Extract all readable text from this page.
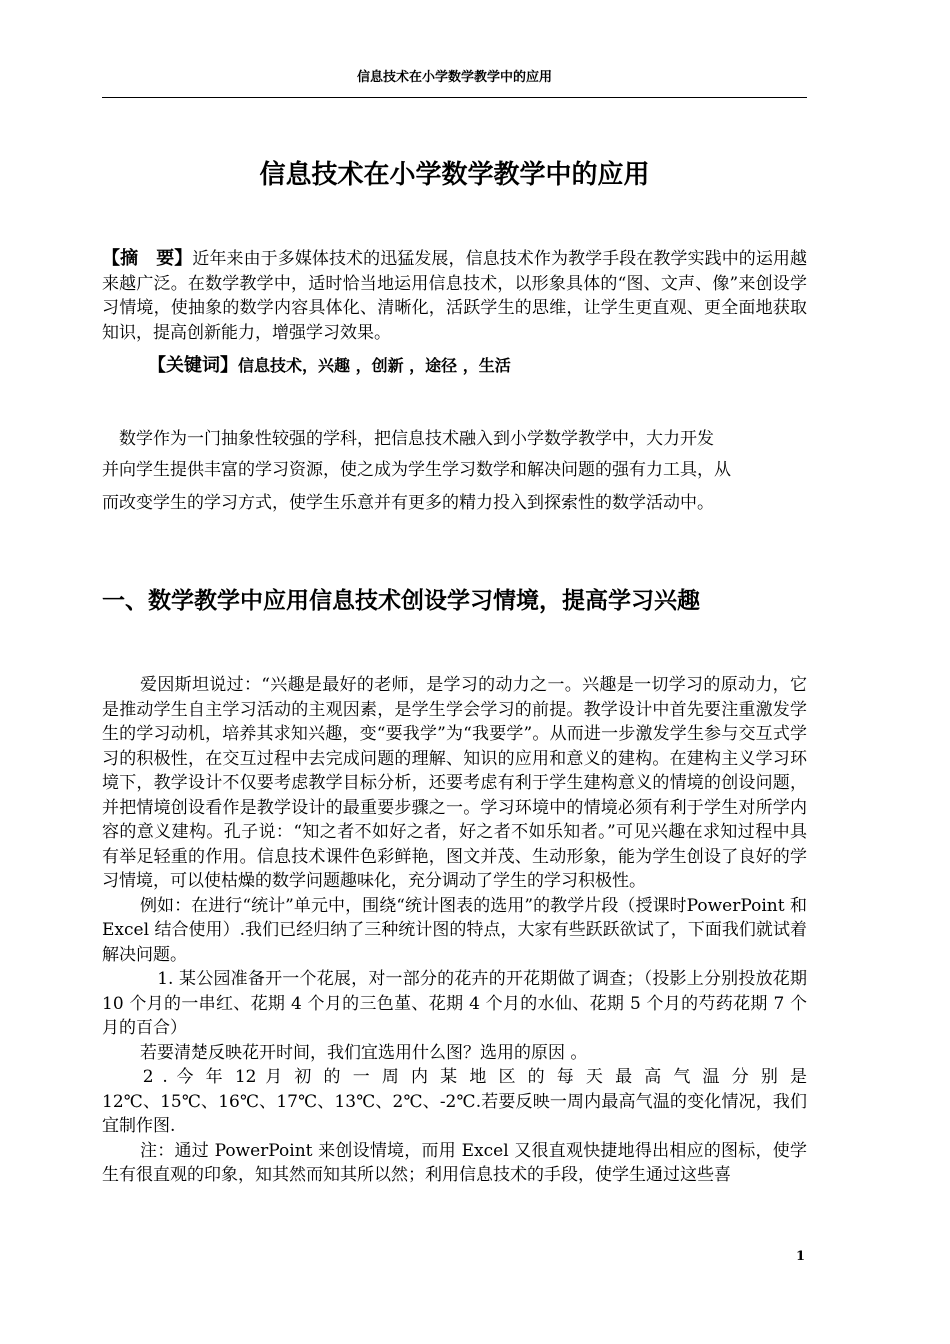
信息技术在小学数学教学中的应用
信息技术在小学数学教学中的应用
【摘　要】近年来由于多媒体技术的迅猛发展，信息技术作为教学手段在教学实践中的运用越来越广泛。在数学教学中，适时恰当地运用信息技术，以形象具体的“图、文声、像”来创设学习情境，使抽象的数学内容具体化、清晰化，活跃学生的思维，让学生更直观、更全面地获取知识，提高创新能力，增强学习效果。
【关键词】信息技术，兴趣 ，创新 ，途径 ，生活

　数学作为一门抽象性较强的学科，把信息技术融入到小学数学教学中，大力开发

并向学生提供丰富的学习资源，使之成为学生学习数学和解决问题的强有力工具，从

而改变学生的学习方式，使学生乐意并有更多的精力投入到探索性的数学活动中。

一、数学教学中应用信息技术创设学习情境，提高学习兴趣

爱因斯坦说过：“兴趣是最好的老师，是学习的动力之一。兴趣是一切学习的原动力，它是推动学生自主学习活动的主观因素，是学生学会学习的前提。教学设计中首先要注重激发学生的学习动机，培养其求知兴趣，变“要我学”为“我要学”。从而进一步激发学生参与交互式学习的积极性，在交互过程中去完成问题的理解、知识的应用和意义的建构。在建构主义学习环境下，教学设计不仅要考虑教学目标分析，还要考虑有利于学生建构意义的情境的创设问题，并把情境创设看作是教学设计的最重要步骤之一。学习环境中的情境必须有利于学生对所学内容的意义建构。孔子说：“知之者不如好之者，好之者不如乐知者。”可见兴趣在求知过程中具有举足轻重的作用。信息技术课件色彩鲜艳，图文并茂、生动形象，能为学生创设了良好的学习情境，可以使枯燥的数学问题趣味化，充分调动了学生的学习积极性。

例如：在进行“统计”单元中，围绕“统计图表的选用”的教学片段（授课时PowerPoint 和 Excel 结合使用）.我们已经归纳了三种统计图的特点，大家有些跃跃欲试了，下面我们就试着解决问题。

　1. 某公园准备开一个花展，对一部分的花卉的开花期做了调查；（投影上分别投放花期 10 个月的一串红、花期 4 个月的三色堇、花期 4 个月的水仙、花期 5 个月的芍药花期 7 个月的百合）

若要清楚反映花开时间，我们宜选用什么图？选用的原因 。

　　2 . 今 年 12 月 初 的 一 周 内 某 地 区 的 每 天 最 高 气 温 分 别 是

12℃、15℃、16℃、17℃、13℃、2℃、-2℃.若要反映一周内最高气温的变化情况，我们宜制作图.

注：通过 PowerPoint 来创设情境，而用 Excel 又很直观快捷地得出相应的图标，使学生有很直观的印象，知其然而知其所以然；利用信息技术的手段，使学生通过这些喜

1
